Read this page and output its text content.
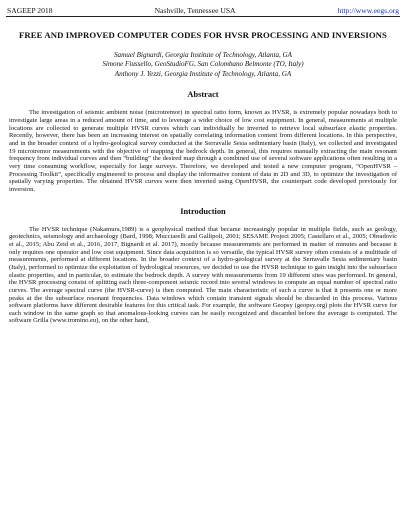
SAGEEP 2018	Nashville, Tennessee USA	http://www.eegs.org
FREE AND IMPROVED COMPUTER CODES FOR HVSR PROCESSING AND INVERSIONS
Samuel Bignardi, Georgia Institute of Technology, Atlanta, GA
Simone Fiussello, GeoStudioFG, San Colombano Belmonte (TO, Italy)
Anthony J. Yezzi, Georgia Institute of Technology, Atlanta, GA
Abstract

The investigation of seismic ambient noise (microtremor) in spectral ratio form, known as HVSR, is extremely popular nowadays both to investigate large areas in a reduced amount of time, and to leverage a wider choice of low cost equipment. In general, measurements at multiple locations are collected to generate multiple HVSR curves which can individually be inverted to retrieve local subsurface elastic properties. Recently, however, there has been an increasing interest on spatially correlating information content from different locations. In this perspective, and in the broader context of a hydro-geological survey conducted at the Serravalle Sesia sedimentary basin (Italy), we collected and investigated 19 microtremor measurements with the objective of mapping the bedrock depth. In general, this requires manually extracting the main resonant frequency from individual curves and then “building” the desired map through a combined use of several software applications often resulting in a very time consuming workflow, especially for large surveys. Therefore, we developed and tested a new computer program, “OpenHVSR – Processing Toolkit”, specifically engineered to process and display the informative content of data in 2D and 3D, to optimize the investigation of spatially varying properties. The obtained HVSR curves were then inverted using OpenHVSR, the counterpart code developed previously for inversion.

Introduction

The HVSR technique (Nakamura,1989) is a geophysical method that became increasingly popular in multiple fields, such as geology, geotechnics, seismology and archaeology (Bard, 1998; Mucciarelli and Gallipoli, 2001; SESAME Project 2005; Castellaro et al., 2005; Obradovic et al., 2015; Abu Zeid et al., 2016, 2017, Bignardi et al. 2017), mostly because measurements are performed in matter of minutes and because it only requires one operator and low cost equipment. Since data acquisition is so versatile, the typical HVSR survey often consists of a multitude of measurements, performed at different locations. In the broader context of a hydro-geological survey at the Serravalle Sesia sedimentary basin (Italy), performed to optimize the exploitation of hydrological resources, we decided to use the HVSR technique to gain insight into the subsurface elastic properties, and in particular, to estimate the bedrock depth. A survey with measurements from 19 different sites was performed. In general, the HVSR processing consist of splitting each three-component seismic record into several windows to compute an equal number of spectral ratio curves. The average spectral curve (the HVSR-curve) is then computed. The main characteristic of such a curve is that it presents one or more peaks at the the subsurface resonant frequencies. Data windows which contain transient signals should be discarded in this process. Various software platforms have different desirable features for this critical task. For example, the software Geopsy (geopsy.org) plots the HVSR curve for each window in the same graph so that anomalous-looking curves can be easily recognized and discarded before the average is computed. The software Grilla (www.tromino.eu), on the other hand,
